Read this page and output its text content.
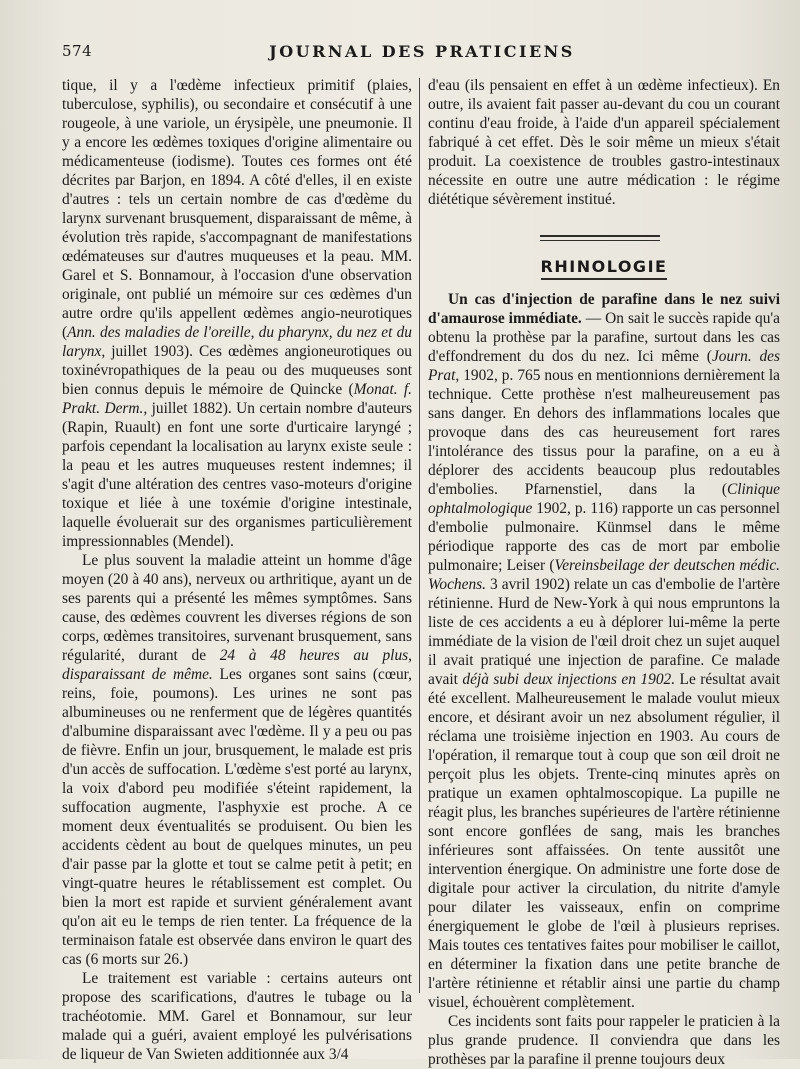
574	JOURNAL DES PRATICIENS

tique, il y a l'œdème infectieux primitif (plaies, tuberculose, syphilis), ou secondaire et consécutif à une rougeole, à une variole, un érysipèle, une pneumonie. Il y a encore les œdèmes toxiques d'origine alimentaire ou médicamenteuse (iodisme). Toutes ces formes ont été décrites par Barjon, en 1894. A côté d'elles, il en existe d'autres : tels un certain nombre de cas d'œdème du larynx survenant brusquement, disparaissant de même, à évolution très rapide, s'accompagnant de manifestations œdémateuses sur d'autres muqueuses et la peau. MM. Garel et S. Bonnamour, à l'occasion d'une observation originale, ont publié un mémoire sur ces œdèmes d'un autre ordre qu'ils appellent œdèmes angio-neurotiques (Ann. des maladies de l'oreille, du pharynx, du nez et du larynx, juillet 1903). Ces œdèmes angioneurotiques ou toxinévropathiques de la peau ou des muqueuses sont bien connus depuis le mémoire de Quincke (Monat. f. Prakt. Derm., juillet 1882). Un certain nombre d'auteurs (Rapin, Ruault) en font une sorte d'urticaire laryngé ; parfois cependant la localisation au larynx existe seule : la peau et les autres muqueuses restent indemnes; il s'agit d'une altération des centres vaso-moteurs d'origine toxique et liée à une toxémie d'origine intestinale, laquelle évoluerait sur des organismes particulièrement impressionnables (Mendel).

Le plus souvent la maladie atteint un homme d'âge moyen (20 à 40 ans), nerveux ou arthritique, ayant un de ses parents qui a présenté les mêmes symptômes. Sans cause, des œdèmes couvrent les diverses régions de son corps, œdèmes transitoires, survenant brusquement, sans régularité, durant de 24 à 48 heures au plus, disparaissant de même. Les organes sont sains (cœur, reins, foie, poumons). Les urines ne sont pas albumineuses ou ne renferment que de légères quantités d'albumine disparaissant avec l'œdème. Il y a peu ou pas de fièvre. Enfin un jour, brusquement, le malade est pris d'un accès de suffocation. L'œdème s'est porté au larynx, la voix d'abord peu modifiée s'éteint rapidement, la suffocation augmente, l'asphyxie est proche. A ce moment deux éventualités se produisent. Ou bien les accidents cèdent au bout de quelques minutes, un peu d'air passe par la glotte et tout se calme petit à petit; en vingt-quatre heures le rétablissement est complet. Ou bien la mort est rapide et survient généralement avant qu'on ait eu le temps de rien tenter. La fréquence de la terminaison fatale est observée dans environ le quart des cas (6 morts sur 26.)

Le traitement est variable : certains auteurs ont propose des scarifications, d'autres le tubage ou la trachéotomie. MM. Garel et Bonnamour, sur leur malade qui a guéri, avaient employé les pulvérisations de liqueur de Van Swieten additionnée aux 3/4

d'eau (ils pensaient en effet à un œdème infectieux). En outre, ils avaient fait passer au-devant du cou un courant continu d'eau froide, à l'aide d'un appareil spécialement fabriqué à cet effet. Dès le soir même un mieux s'était produit. La coexistence de troubles gastro-intestinaux nécessite en outre une autre médication : le régime diététique sévèrement institué.

RHINOLOGIE

Un cas d'injection de parafine dans le nez suivi d'amaurose immédiate. — On sait le succès rapide qu'a obtenu la prothèse par la parafine, surtout dans les cas d'effondrement du dos du nez. Ici même (Journ. des Prat, 1902, p. 765 nous en mentionnions dernièrement la technique. Cette prothèse n'est malheureusement pas sans danger. En dehors des inflammations locales que provoque dans des cas heureusement fort rares l'intolérance des tissus pour la parafine, on a eu à déplorer des accidents beaucoup plus redoutables d'embolies. Pfarnenstiel, dans la (Clinique ophtalmologique 1902, p. 116) rapporte un cas personnel d'embolie pulmonaire. Künmsel dans le même périodique rapporte des cas de mort par embolie pulmonaire; Leiser (Vereinsbeilage der deutschen médic. Wochens. 3 avril 1902) relate un cas d'embolie de l'artère rétinienne. Hurd de New-York à qui nous empruntons la liste de ces accidents a eu à déplorer lui-même la perte immédiate de la vision de l'œil droit chez un sujet auquel il avait pratiqué une injection de parafine. Ce malade avait déjà subi deux injections en 1902. Le résultat avait été excellent. Malheureusement le malade voulut mieux encore, et désirant avoir un nez absolument régulier, il réclama une troisième injection en 1903. Au cours de l'opération, il remarque tout à coup que son œil droit ne perçoit plus les objets. Trente-cinq minutes après on pratique un examen ophtalmoscopique. La pupille ne réagit plus, les branches supérieures de l'artère rétinienne sont encore gonflées de sang, mais les branches inférieures sont affaissées. On tente aussitôt une intervention énergique. On administre une forte dose de digitale pour activer la circulation, du nitrite d'amyle pour dilater les vaisseaux, enfin on comprime énergiquement le globe de l'œil à plusieurs reprises. Mais toutes ces tentatives faites pour mobiliser le caillot, en déterminer la fixation dans une petite branche de l'artère rétinienne et rétablir ainsi une partie du champ visuel, échouèrent complètement.

Ces incidents sont faits pour rappeler le praticien à la plus grande prudence. Il conviendra que dans les prothèses par la parafine il prenne toujours deux
